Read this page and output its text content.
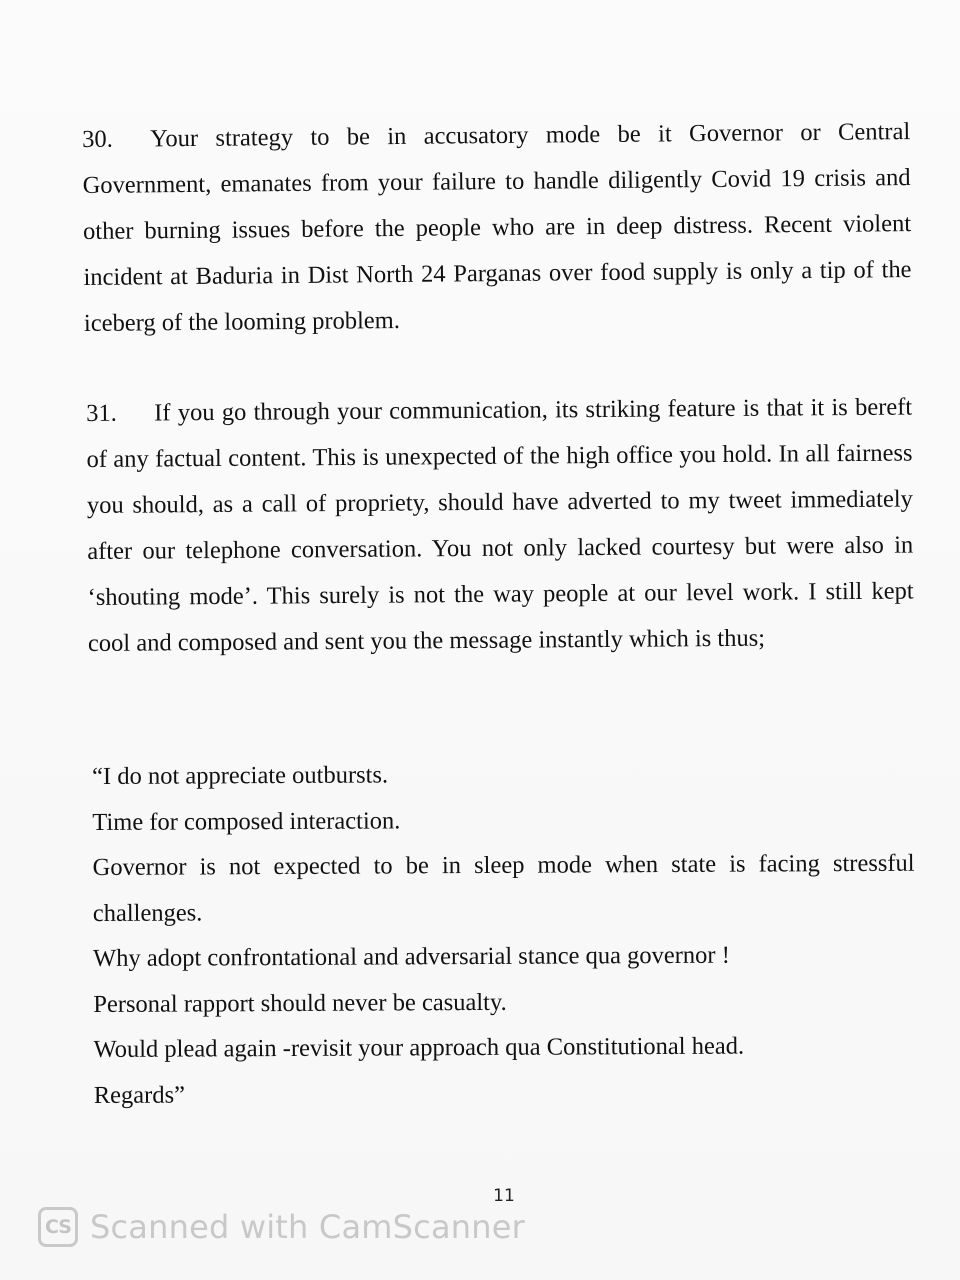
30. Your strategy to be in accusatory mode be it Governor or Central Government, emanates from your failure to handle diligently Covid 19 crisis and other burning issues before the people who are in deep distress. Recent violent incident at Baduria in Dist North 24 Parganas over food supply is only a tip of the iceberg of the looming problem.
31. If you go through your communication, its striking feature is that it is bereft of any factual content. This is unexpected of the high office you hold. In all fairness you should, as a call of propriety, should have adverted to my tweet immediately after our telephone conversation. You not only lacked courtesy but were also in ‘shouting mode’. This surely is not the way people at our level work. I still kept cool and composed and sent you the message instantly which is thus;
“I do not appreciate outbursts.
Time for composed interaction.
Governor is not expected to be in sleep mode when state is facing stressful challenges.
Why adopt confrontational and adversarial stance qua governor !
Personal rapport should never be casualty.
Would plead again -revisit your approach qua Constitutional head.
Regards”
11
CS Scanned with CamScanner
